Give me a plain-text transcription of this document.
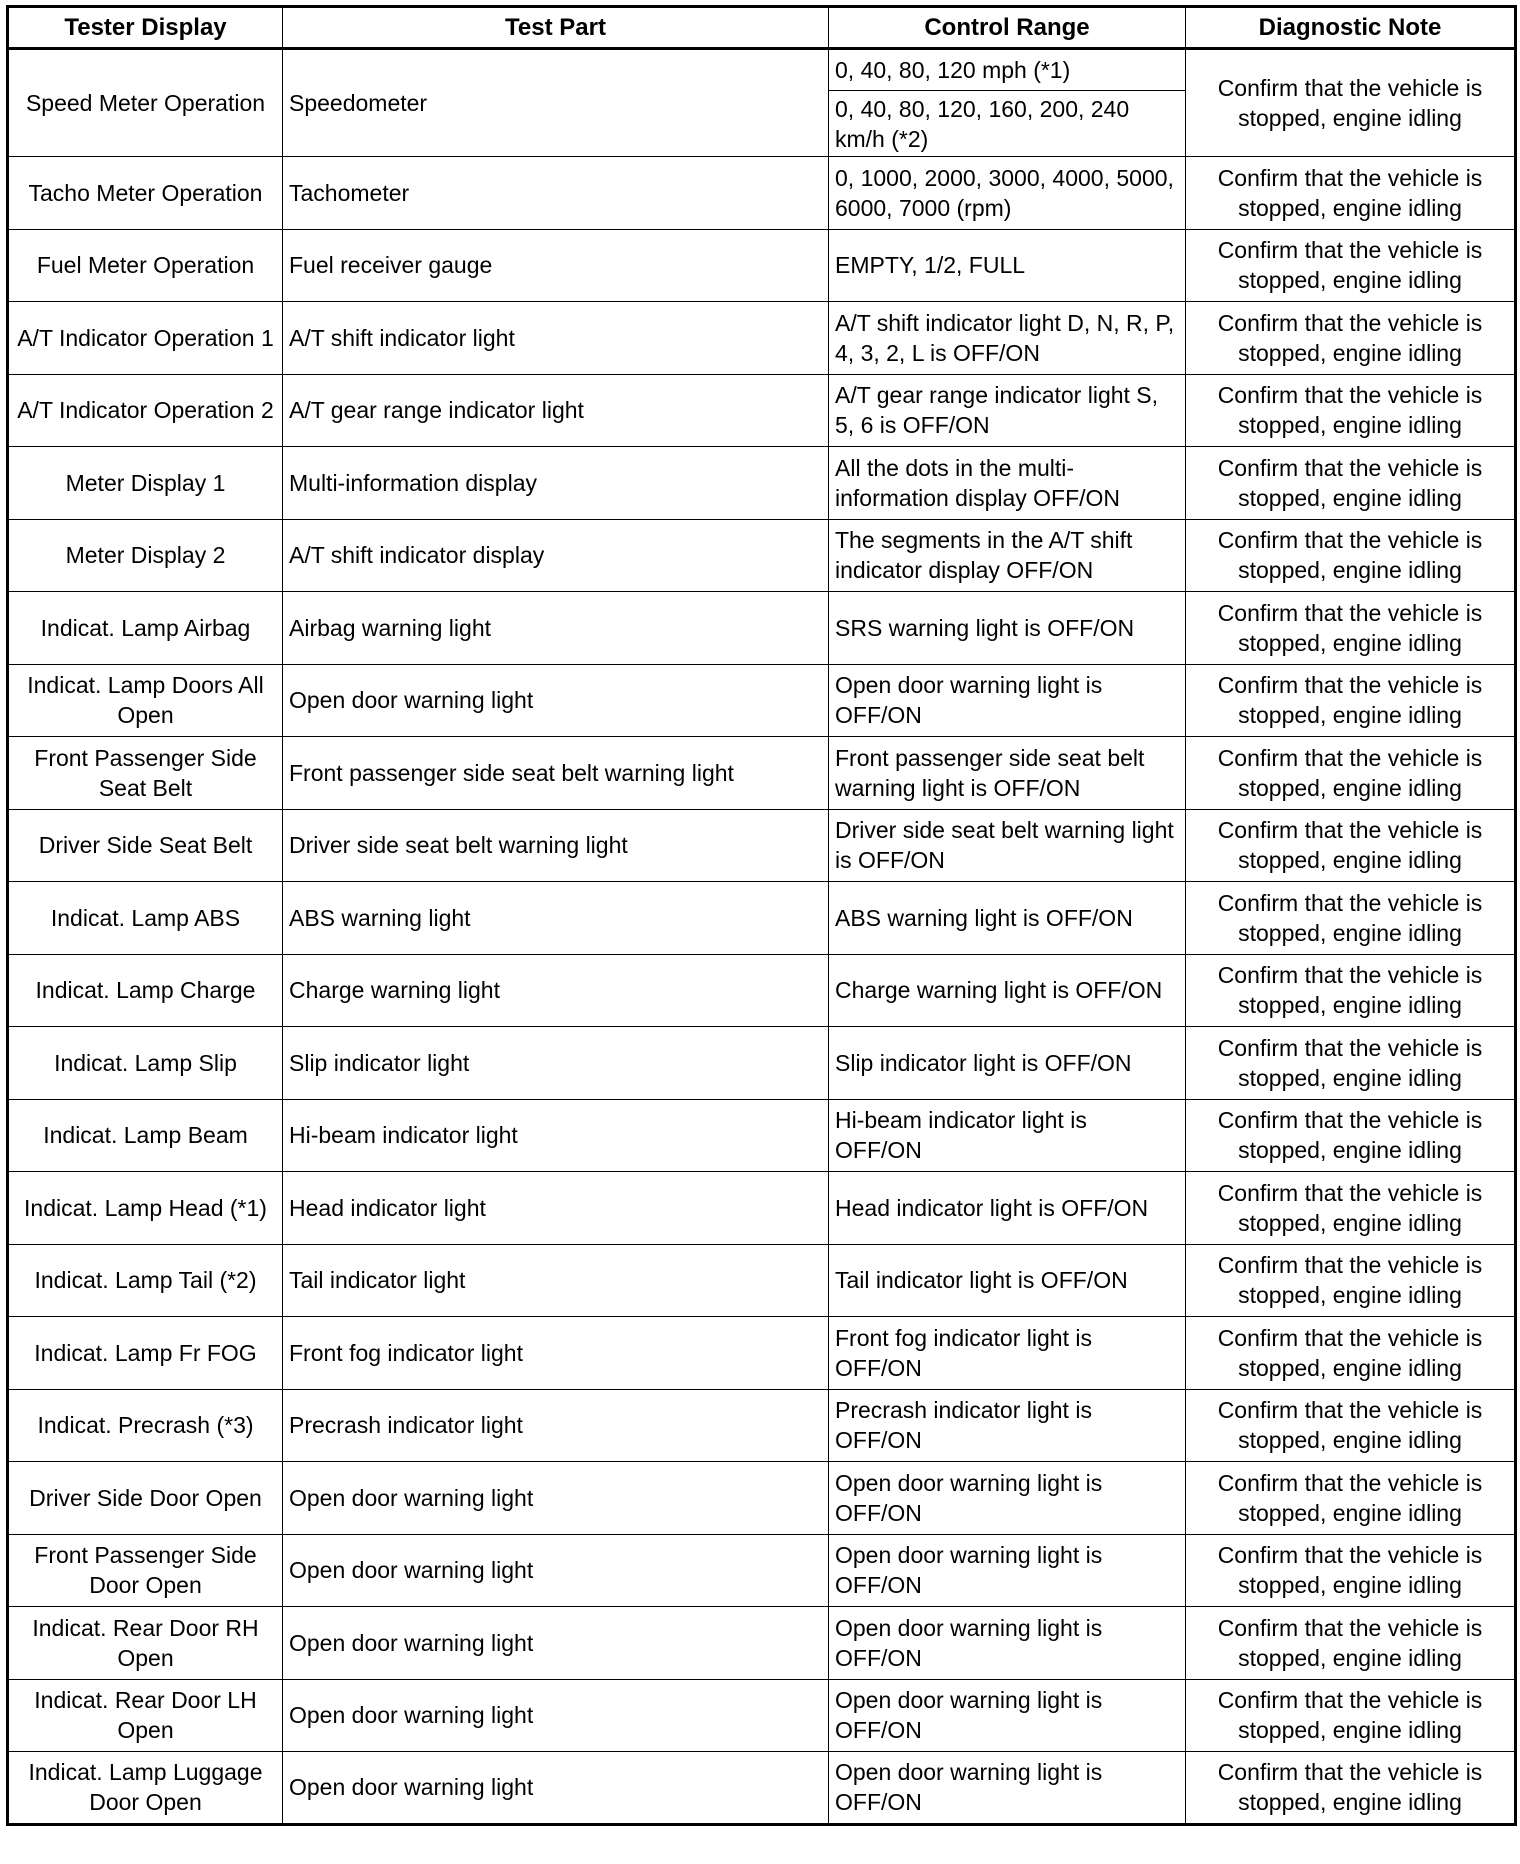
Tester Display	Test Part	Control Range	Diagnostic Note
Speed Meter Operation	Speedometer	0, 40, 80, 120 mph (*1)	Confirm that the vehicle is stopped, engine idling
		0, 40, 80, 120, 160, 200, 240 km/h (*2)	
Tacho Meter Operation	Tachometer	0, 1000, 2000, 3000, 4000, 5000, 6000, 7000 (rpm)	Confirm that the vehicle is stopped, engine idling
Fuel Meter Operation	Fuel receiver gauge	EMPTY, 1/2, FULL	Confirm that the vehicle is stopped, engine idling
A/T Indicator Operation 1	A/T shift indicator light	A/T shift indicator light D, N, R, P, 4, 3, 2, L is OFF/ON	Confirm that the vehicle is stopped, engine idling
A/T Indicator Operation 2	A/T gear range indicator light	A/T gear range indicator light S, 5, 6 is OFF/ON	Confirm that the vehicle is stopped, engine idling
Meter Display 1	Multi-information display	All the dots in the multi-information display OFF/ON	Confirm that the vehicle is stopped, engine idling
Meter Display 2	A/T shift indicator display	The segments in the A/T shift indicator display OFF/ON	Confirm that the vehicle is stopped, engine idling
Indicat. Lamp Airbag	Airbag warning light	SRS warning light is OFF/ON	Confirm that the vehicle is stopped, engine idling
Indicat. Lamp Doors All Open	Open door warning light	Open door warning light is OFF/ON	Confirm that the vehicle is stopped, engine idling
Front Passenger Side Seat Belt	Front passenger side seat belt warning light	Front passenger side seat belt warning light is OFF/ON	Confirm that the vehicle is stopped, engine idling
Driver Side Seat Belt	Driver side seat belt warning light	Driver side seat belt warning light is OFF/ON	Confirm that the vehicle is stopped, engine idling
Indicat. Lamp ABS	ABS warning light	ABS warning light is OFF/ON	Confirm that the vehicle is stopped, engine idling
Indicat. Lamp Charge	Charge warning light	Charge warning light is OFF/ON	Confirm that the vehicle is stopped, engine idling
Indicat. Lamp Slip	Slip indicator light	Slip indicator light is OFF/ON	Confirm that the vehicle is stopped, engine idling
Indicat. Lamp Beam	Hi-beam indicator light	Hi-beam indicator light is OFF/ON	Confirm that the vehicle is stopped, engine idling
Indicat. Lamp Head (*1)	Head indicator light	Head indicator light is OFF/ON	Confirm that the vehicle is stopped, engine idling
Indicat. Lamp Tail (*2)	Tail indicator light	Tail indicator light is OFF/ON	Confirm that the vehicle is stopped, engine idling
Indicat. Lamp Fr FOG	Front fog indicator light	Front fog indicator light is OFF/ON	Confirm that the vehicle is stopped, engine idling
Indicat. Precrash (*3)	Precrash indicator light	Precrash indicator light is OFF/ON	Confirm that the vehicle is stopped, engine idling
Driver Side Door Open	Open door warning light	Open door warning light is OFF/ON	Confirm that the vehicle is stopped, engine idling
Front Passenger Side Door Open	Open door warning light	Open door warning light is OFF/ON	Confirm that the vehicle is stopped, engine idling
Indicat. Rear Door RH Open	Open door warning light	Open door warning light is OFF/ON	Confirm that the vehicle is stopped, engine idling
Indicat. Rear Door LH Open	Open door warning light	Open door warning light is OFF/ON	Confirm that the vehicle is stopped, engine idling
Indicat. Lamp Luggage Door Open	Open door warning light	Open door warning light is OFF/ON	Confirm that the vehicle is stopped, engine idling
